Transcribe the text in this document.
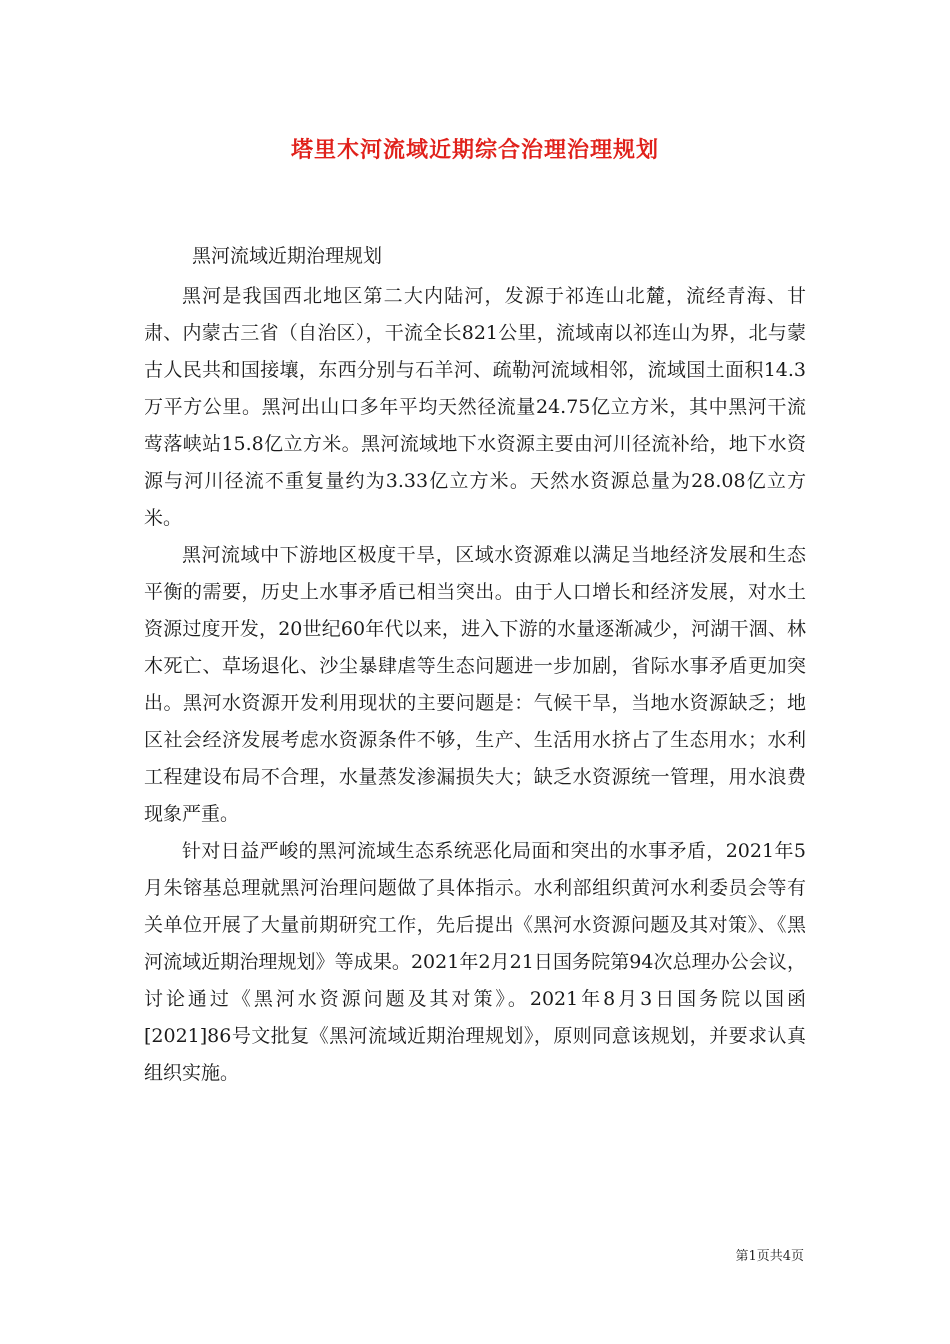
塔里木河流域近期综合治理治理规划
黑河流域近期治理规划

黑河是我国西北地区第二大内陆河，发源于祁连山北麓，流经青海、甘肃、内蒙古三省（自治区），干流全长821公里，流域南以祁连山为界，北与蒙古人民共和国接壤，东西分别与石羊河、疏勒河流域相邻，流域国土面积14.3万平方公里。黑河出山口多年平均天然径流量24.75亿立方米，其中黑河干流莺落峡站15.8亿立方米。黑河流域地下水资源主要由河川径流补给，地下水资源与河川径流不重复量约为3.33亿立方米。天然水资源总量为28.08亿立方米。

黑河流域中下游地区极度干旱，区域水资源难以满足当地经济发展和生态平衡的需要，历史上水事矛盾已相当突出。由于人口增长和经济发展，对水土资源过度开发，20世纪60年代以来，进入下游的水量逐渐减少，河湖干涸、林木死亡、草场退化、沙尘暴肆虐等生态问题进一步加剧，省际水事矛盾更加突出。黑河水资源开发利用现状的主要问题是：气候干旱，当地水资源缺乏；地区社会经济发展考虑水资源条件不够，生产、生活用水挤占了生态用水；水利工程建设布局不合理，水量蒸发渗漏损失大；缺乏水资源统一管理，用水浪费现象严重。

针对日益严峻的黑河流域生态系统恶化局面和突出的水事矛盾，2021年5月朱镕基总理就黑河治理问题做了具体指示。水利部组织黄河水利委员会等有关单位开展了大量前期研究工作，先后提出《黑河水资源问题及其对策》、《黑河流域近期治理规划》等成果。2021年2月21日国务院第94次总理办公会议，讨论通过《黑河水资源问题及其对策》。2021年8月3日国务院以国函[2021]86号文批复《黑河流域近期治理规划》，原则同意该规划，并要求认真组织实施。

第1页共4页
